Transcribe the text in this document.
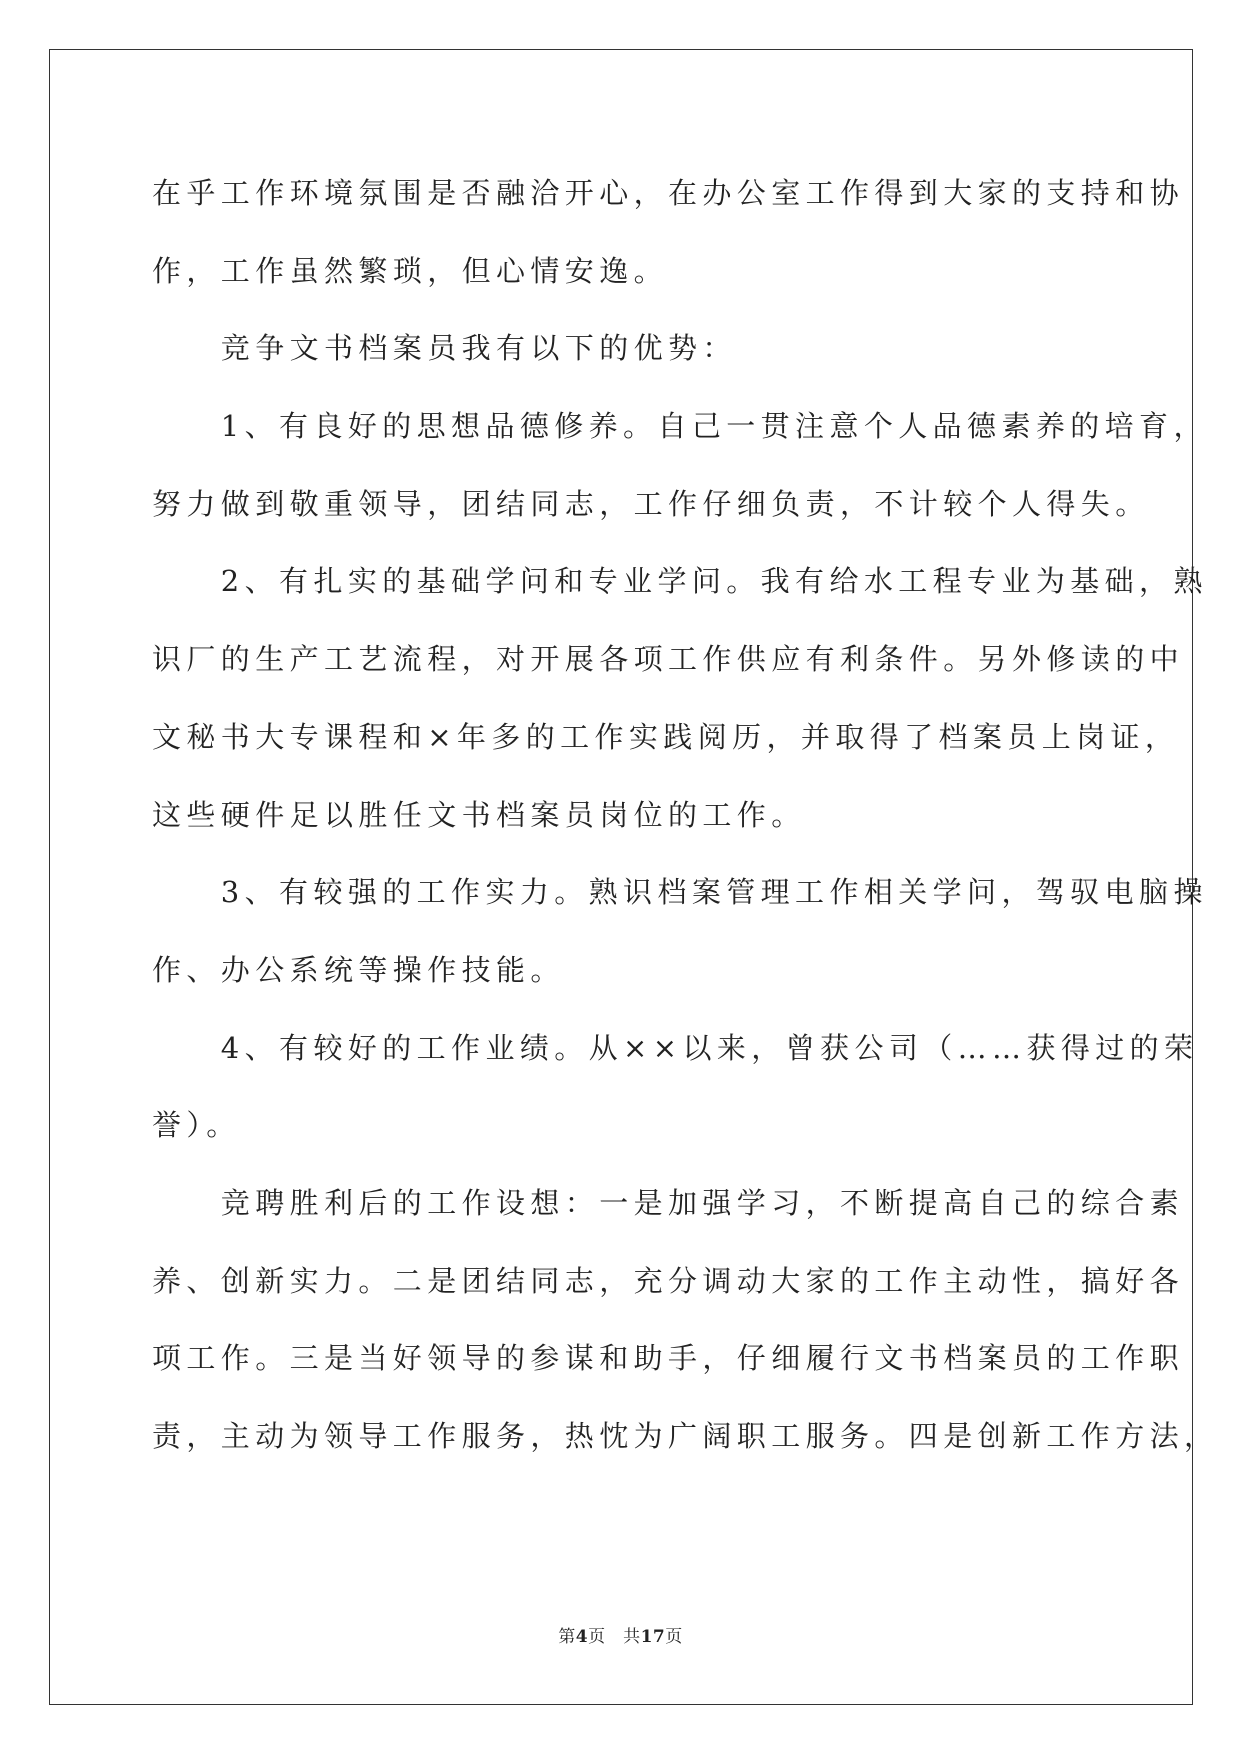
在乎工作环境氛围是否融洽开心，在办公室工作得到大家的支持和协
作，工作虽然繁琐，但心情安逸。
　　竞争文书档案员我有以下的优势：
　　1、有良好的思想品德修养。自己一贯注意个人品德素养的培育，
努力做到敬重领导，团结同志，工作仔细负责，不计较个人得失。
　　2、有扎实的基础学问和专业学问。我有给水工程专业为基础，熟
识厂的生产工艺流程，对开展各项工作供应有利条件。另外修读的中
文秘书大专课程和×年多的工作实践阅历，并取得了档案员上岗证，
这些硬件足以胜任文书档案员岗位的工作。
　　3、有较强的工作实力。熟识档案管理工作相关学问，驾驭电脑操
作、办公系统等操作技能。
　　4、有较好的工作业绩。从××以来，曾获公司（……获得过的荣
誉）。
　　竞聘胜利后的工作设想：一是加强学习，不断提高自己的综合素
养、创新实力。二是团结同志，充分调动大家的工作主动性，搞好各
项工作。三是当好领导的参谋和助手，仔细履行文书档案员的工作职
责，主动为领导工作服务，热忱为广阔职工服务。四是创新工作方法，
第4页　共17页
